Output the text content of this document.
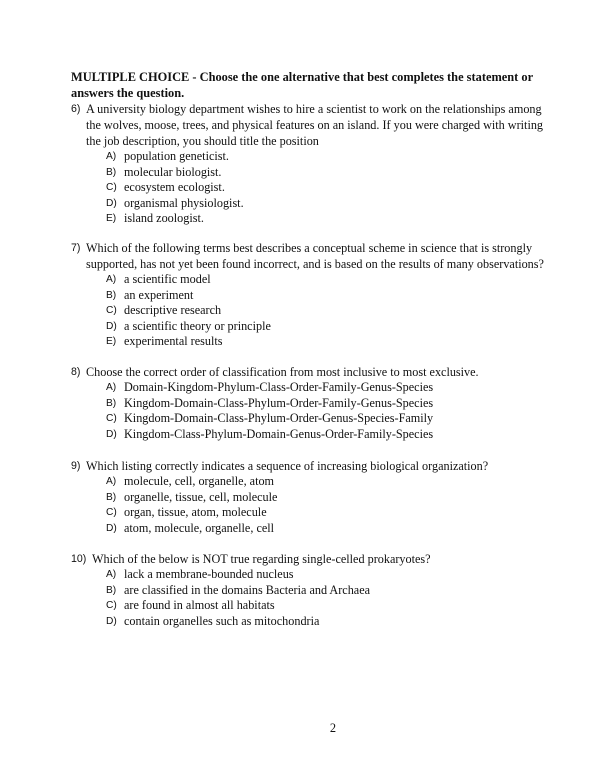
MULTIPLE CHOICE - Choose the one alternative that best completes the statement or answers the question.
6) A university biology department wishes to hire a scientist to work on the relationships among the wolves, moose, trees, and physical features on an island. If you were charged with writing the job description, you should title the position
A) population geneticist.
B) molecular biologist.
C) ecosystem ecologist.
D) organismal physiologist.
E) island zoologist.
7) Which of the following terms best describes a conceptual scheme in science that is strongly supported, has not yet been found incorrect, and is based on the results of many observations?
A) a scientific model
B) an experiment
C) descriptive research
D) a scientific theory or principle
E) experimental results
8) Choose the correct order of classification from most inclusive to most exclusive.
A) Domain-Kingdom-Phylum-Class-Order-Family-Genus-Species
B) Kingdom-Domain-Class-Phylum-Order-Family-Genus-Species
C) Kingdom-Domain-Class-Phylum-Order-Genus-Species-Family
D) Kingdom-Class-Phylum-Domain-Genus-Order-Family-Species
9) Which listing correctly indicates a sequence of increasing biological organization?
A) molecule, cell, organelle, atom
B) organelle, tissue, cell, molecule
C) organ, tissue, atom, molecule
D) atom, molecule, organelle, cell
10) Which of the below is NOT true regarding single-celled prokaryotes?
A) lack a membrane-bounded nucleus
B) are classified in the domains Bacteria and Archaea
C) are found in almost all habitats
D) contain organelles such as mitochondria
2
